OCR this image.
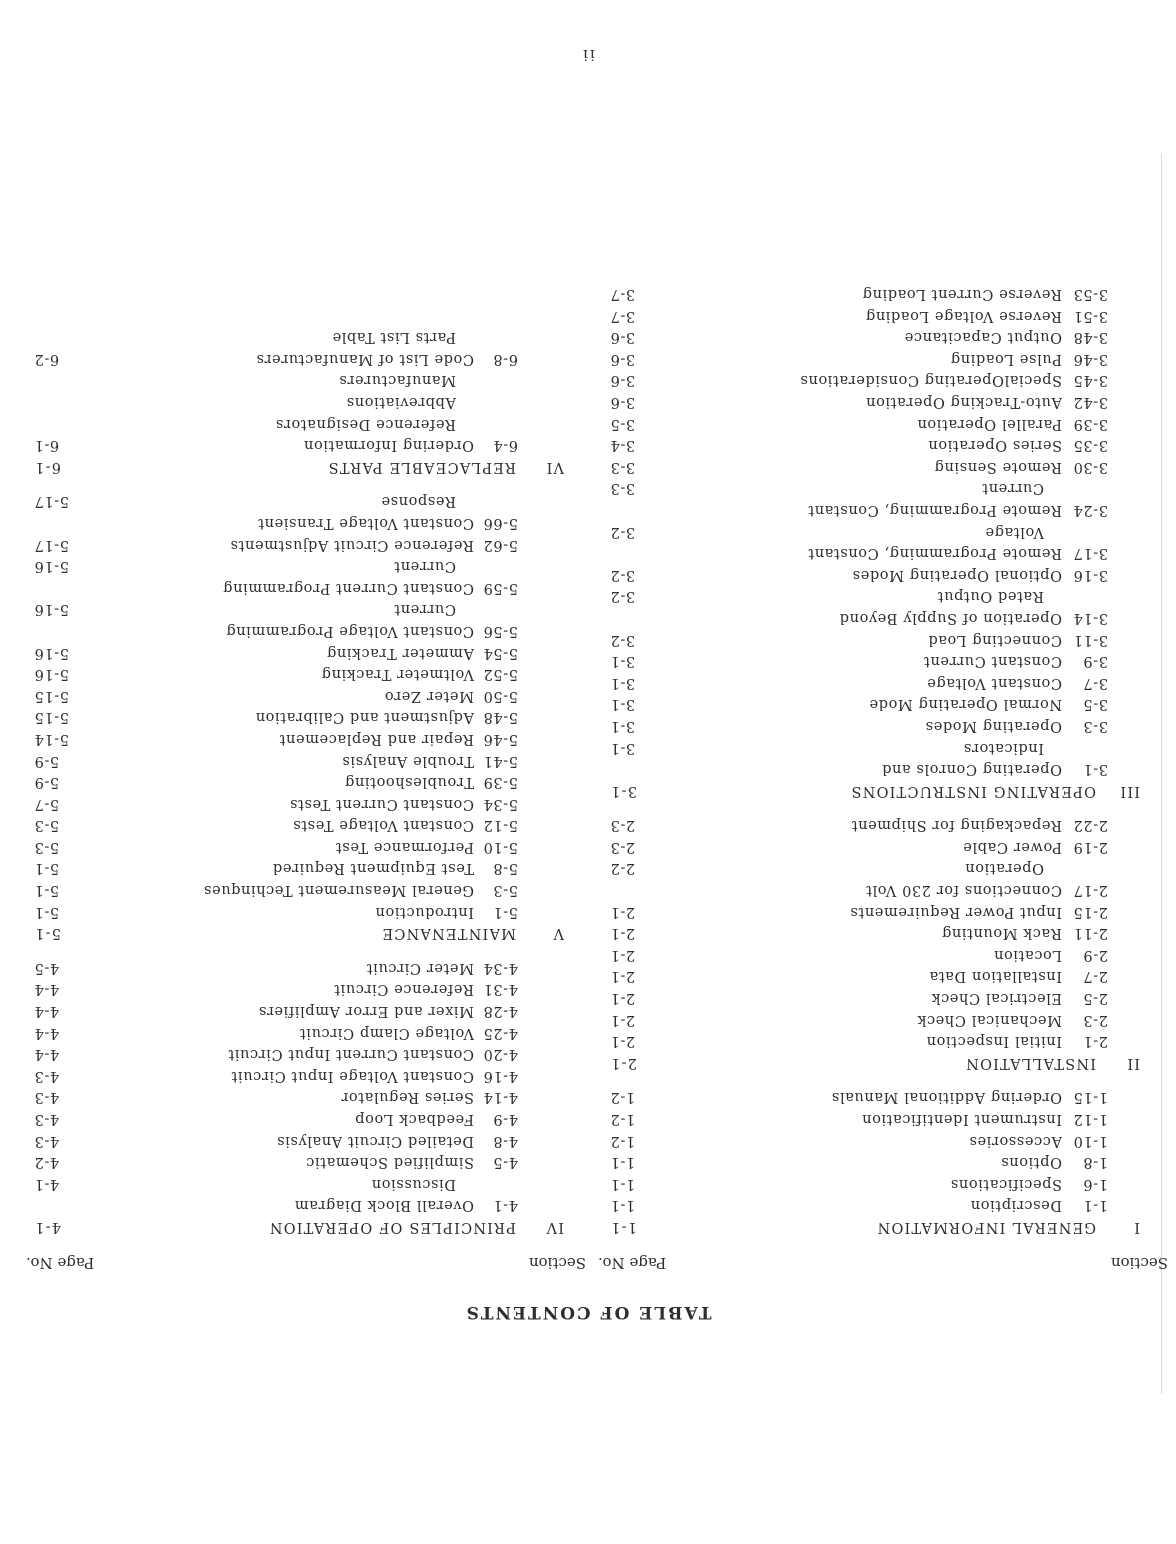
ii
TABLE OF CONTENTS
Section
Page No.
I
GENERAL INFORMATION
1-1
1-1
Description
1-1
1-6
Specifications
1-1
1-8
Options
1-1
1-10
Accessories
1-2
1-12
Instrument Identification
1-2
1-15
Ordering Additional Manuals
1-2
II
INSTALLATION
2-1
2-1
Initial Inspection
2-1
2-3
Mechanical Check
2-1
2-5
Electrical Check
2-1
2-7
Installation Data
2-1
2-9
Location
2-1
2-11
Rack Mounting
2-1
2-15
Input Power Requirements
2-1
2-17
Connections for 230 Volt
Operation
2-2
2-19
Power Cable
2-3
2-22
Repackaging for Shipment
2-3
III
OPERATING INSTRUCTIONS
3-1
3-1
Operating Conrols and
Indicators
3-1
3-3
Operating Modes
3-1
3-5
Normal Operating Mode
3-1
3-7
Constant Voltage
3-1
3-9
Constant Current
3-1
3-11
Connecting Load
3-2
3-14
Operation of Supply Beyond
Rated Output
3-2
3-16
Optional Operating Modes
3-2
3-17
Remote Programming, Constant
Voltage
3-2
3-24
Remote Programming, Constant
Current
3-3
3-30
Remote Sensing
3-3
3-35
Series Operation
3-4
3-39
Parallel Operation
3-5
3-42
Auto-Tracking Operation
3-6
3-45
SpecialOperating Considerations
3-6
3-46
Pulse Loading
3-6
3-48
Output Capacitance
3-6
3-51
Reverse Voltage Loading
3-7
3-53
Reverse Current Loading
3-7
Section
Page No.
IV
PRINCIPLES OF OPERATION
4-1
4-1
Overall Block Diagram
Discussion
4-1
4-5
Simplified Schematic
4-2
4-8
Detailed Circuit Analysis
4-3
4-9
Feedback Loop
4-3
4-14
Series Regulator
4-3
4-16
Constant Voltage Input Circuit
4-3
4-20
Constant Current Input Circuit
4-4
4-25
Voltage Clamp Circuit
4-4
4-28
Mixer and Error Amplifiers
4-4
4-31
Reference Circuit
4-4
4-34
Meter Circuit
4-5
V
MAINTENANCE
5-1
5-1
Introduction
5-1
5-3
General Measurement Techinques
5-1
5-8
Test Equipment Required
5-1
5-10
Performance Test
5-3
5-12
Constant Voltage Tests
5-3
5-34
Constant Current Tests
5-7
5-39
Troubleshooting
5-9
5-41
Trouble Analysis
5-9
5-46
Repair and Replacement
5-14
5-48
Adjustment and Calibration
5-15
5-50
Meter Zero
5-15
5-52
Voltmeter Tracking
5-16
5-54
Ammeter Tracking
5-16
5-56
Constant Voltage Programming
Current
5-16
5-59
Constant Current Programming
Current
5-16
5-62
Reference Circuit Adjustments
5-17
5-66
Constant Voltage Transient
Response
5-17
VI
REPLACEABLE PARTS
6-1
6-4
Ordering Information
6-1
Reference Designators
Abbreviations
Manufacturers
6-8
Code List of Manufacturers
6-2
Parts List Table
